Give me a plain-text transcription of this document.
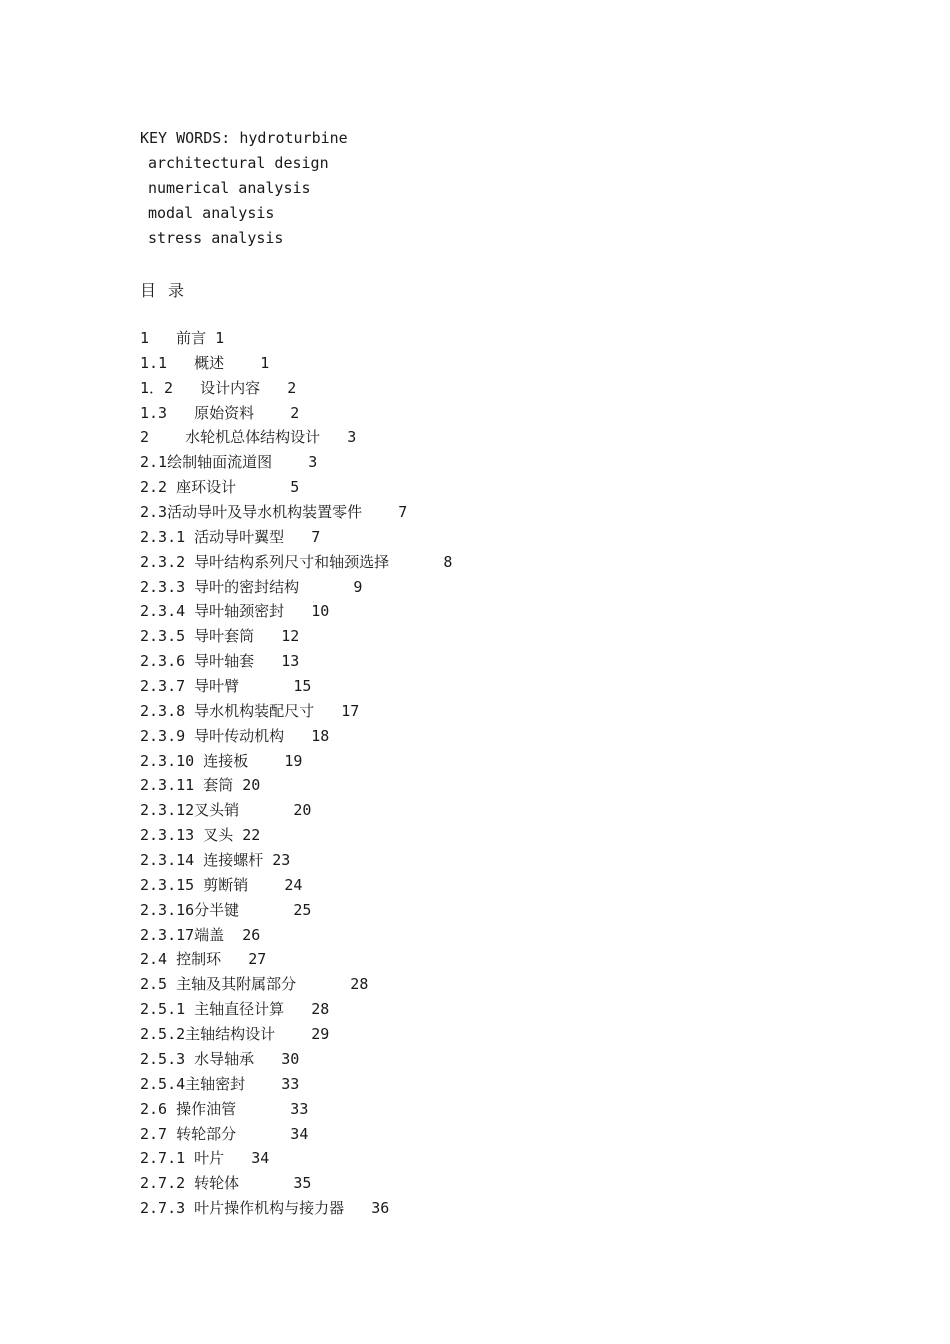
KEY WORDS: hydroturbine
architectural design
numerical analysis
modal analysis
stress analysis
目录
1   前言 1
1.1   概述    1
1．2   设计内容   2
1.3   原始资料    2
2    水轮机总体结构设计   3
2.1绘制轴面流道图    3
2.2 座环设计      5
2.3活动导叶及导水机构装置零件    7
2.3.1 活动导叶翼型   7
2.3.2 导叶结构系列尺寸和轴颈选择      8
2.3.3 导叶的密封结构      9
2.3.4 导叶轴颈密封   10
2.3.5 导叶套筒   12
2.3.6 导叶轴套   13
2.3.7 导叶臂      15
2.3.8 导水机构装配尺寸   17
2.3.9 导叶传动机构   18
2.3.10 连接板    19
2.3.11 套筒 20
2.3.12叉头销      20
2.3.13 叉头 22
2.3.14 连接螺杆 23
2.3.15 剪断销    24
2.3.16分半键      25
2.3.17端盖  26
2.4 控制环   27
2.5 主轴及其附属部分      28
2.5.1 主轴直径计算   28
2.5.2主轴结构设计    29
2.5.3 水导轴承   30
2.5.4主轴密封    33
2.6 操作油管      33
2.7 转轮部分      34
2.7.1 叶片   34
2.7.2 转轮体      35
2.7.3 叶片操作机构与接力器   36
